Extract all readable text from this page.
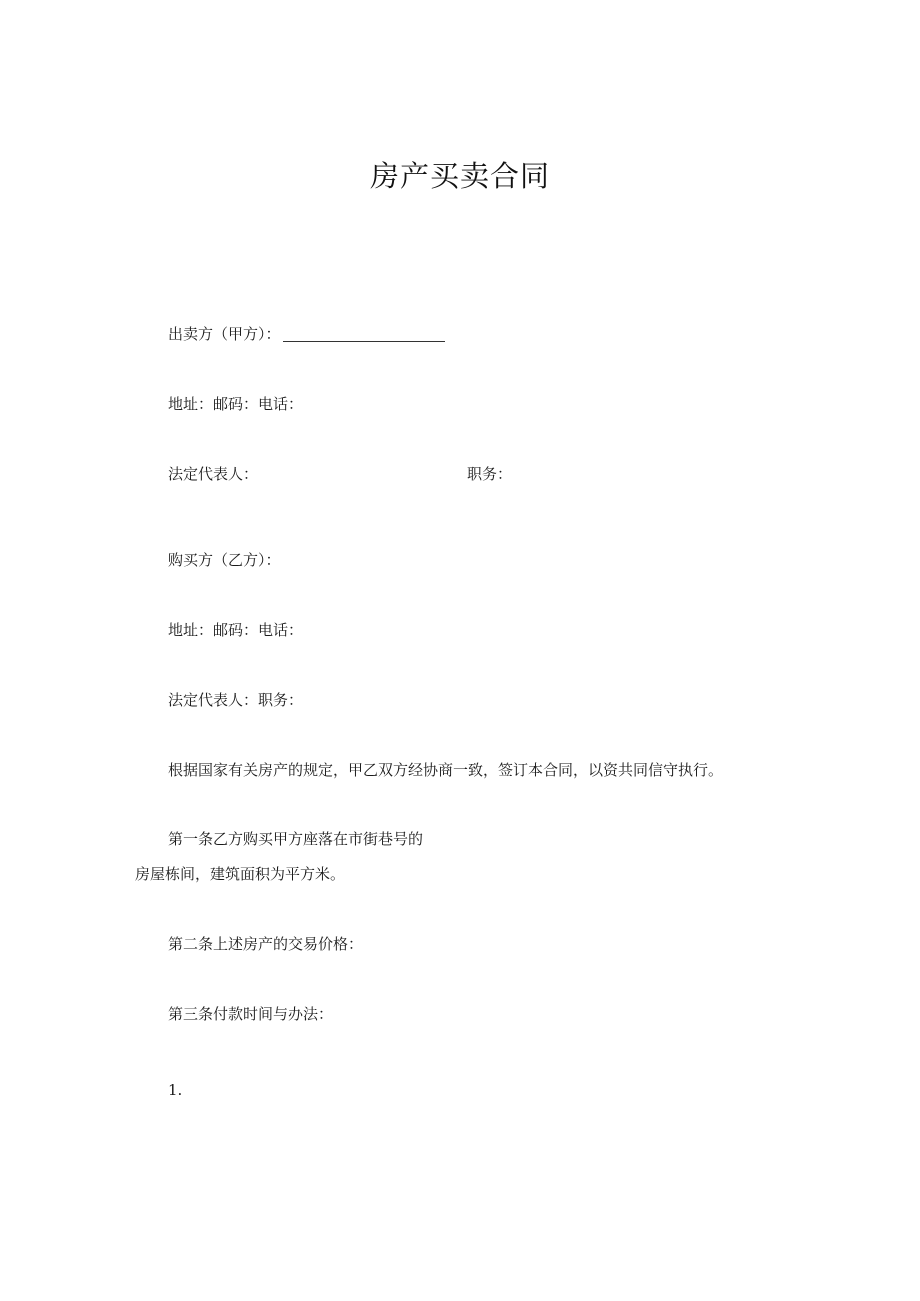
房产买卖合同
出卖方（甲方）：
地址：邮码：电话：
法定代表人：	职务：
购买方（乙方）：
地址：邮码：电话：
法定代表人：职务：
根据国家有关房产的规定，甲乙双方经协商一致，签订本合同，以资共同信守执行。
第一条乙方购买甲方座落在市街巷号的
房屋栋间，建筑面积为平方米。
第二条上述房产的交易价格：
第三条付款时间与办法：
1.
